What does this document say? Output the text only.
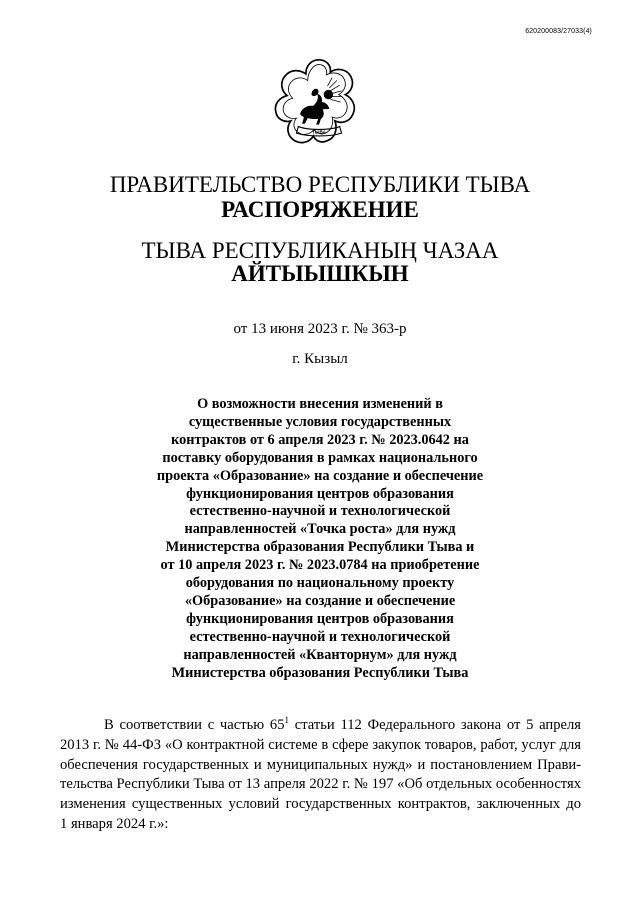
620200083/27033(4)
ТЫВА
ПРАВИТЕЛЬСТВО РЕСПУБЛИКИ ТЫВА
РАСПОРЯЖЕНИЕ
ТЫВА РЕСПУБЛИКАНЫҢ ЧАЗАА
АЙТЫЫШКЫН
от 13 июня 2023 г. № 363-р
г. Кызыл
О возможности внесения изменений в
существенные условия государственных
контрактов от 6 апреля 2023 г. № 2023.0642 на
поставку оборудования в рамках национального
проекта «Образование» на создание и обеспечение
функционирования центров образования
естественно-научной и технологической
направленностей «Точка роста» для нужд
Министерства образования Республики Тыва и
от 10 апреля 2023 г. № 2023.0784 на приобретение
оборудования по национальному проекту
«Образование» на создание и обеспечение
функционирования центров образования
естественно-научной и технологической
направленностей «Кванторнум» для нужд
Министерства образования Республики Тыва
В соответствии с частью $65^1$ статьи 112 Федерального закона от 5 апреля
2013 г. № 44-ФЗ «О контрактной системе в сфере закупок товаров, работ, услуг для
обеспечения государственных и муниципальных нужд» и постановлением Прави-
тельства Республики Тыва от 13 апреля 2022 г. № 197 «Об отдельных особенностях
изменения существенных условий государственных контрактов, заключенных до
1 января 2024 г.»:
